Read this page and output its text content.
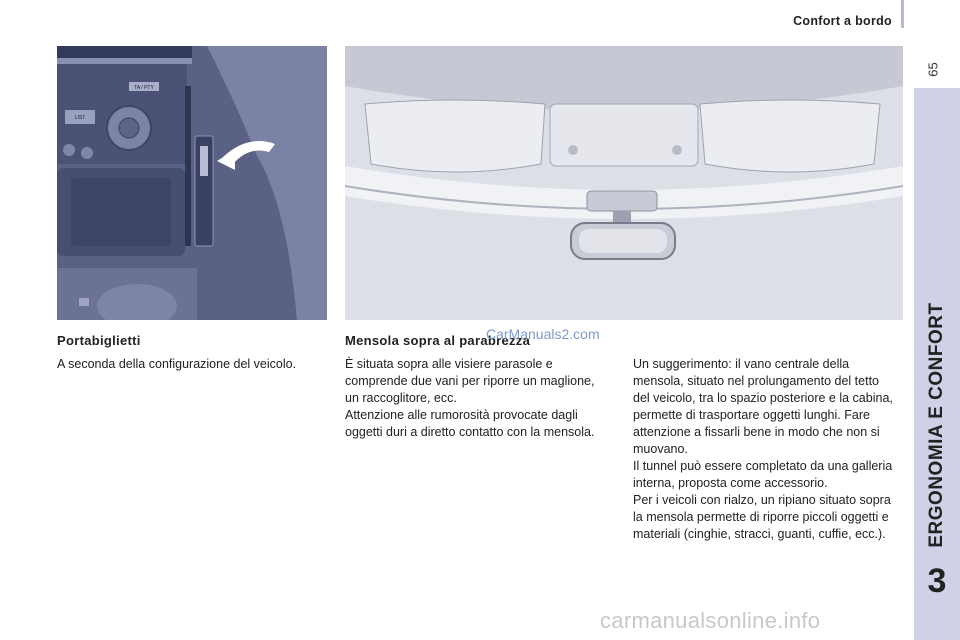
Confort a bordo
65
ERGONOMIA E CONFORT
3
TA / PTY
LIST
Portabiglietti	Mensola sopra al parabrezza
CarManuals2.com

A seconda della configurazione del veicolo.	È situata sopra alle visiere parasole e comprende due vani per riporre un maglione, un raccoglitore, ecc.

Attenzione alle rumorosità provocate dagli oggetti duri a diretto contatto con la mensola.

Un suggerimento: il vano centrale della mensola, situato nel prolungamento del tetto del veicolo, tra lo spazio posteriore e la cabina, permette di trasportare oggetti lunghi. Fare attenzione a fissarli bene in modo che non si muovano.

Il tunnel può essere completato da una galleria interna, proposta come accessorio.

Per i veicoli con rialzo, un ripiano situato sopra la mensola permette di riporre piccoli oggetti e materiali (cinghie, stracci, guanti, cuffie, ecc.).

carmanualsonline.info
